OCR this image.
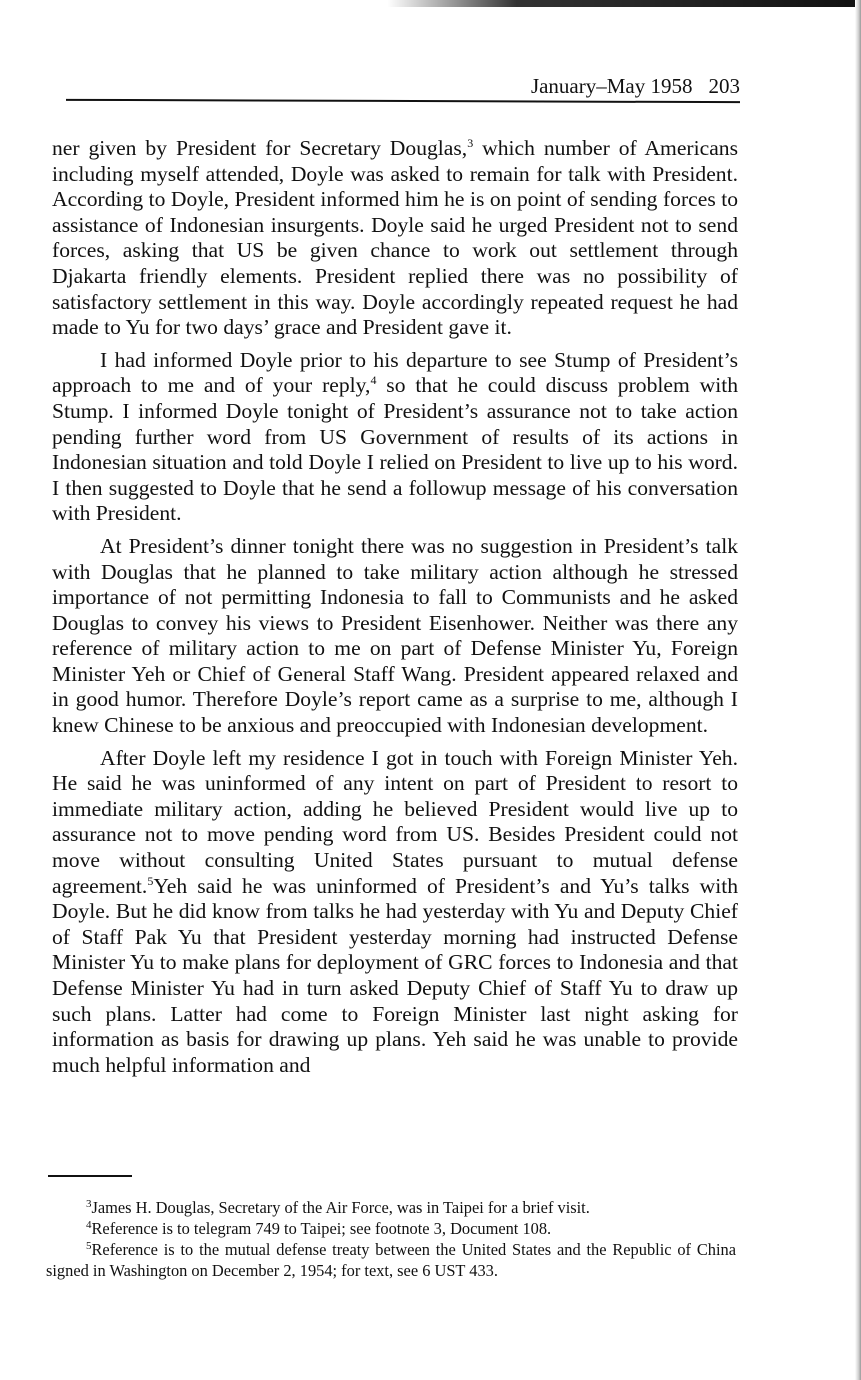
January–May 1958 203

ner given by President for Secretary Douglas,$^3$ which number of Americans including myself attended, Doyle was asked to remain for talk with President. According to Doyle, President informed him he is on point of sending forces to assistance of Indonesian insurgents. Doyle said he urged President not to send forces, asking that US be given chance to work out settlement through Djakarta friendly elements. President replied there was no possibility of satisfactory settlement in this way. Doyle accordingly repeated request he had made to Yu for two days’ grace and President gave it.

I had informed Doyle prior to his departure to see Stump of President’s approach to me and of your reply,$^4$ so that he could discuss problem with Stump. I informed Doyle tonight of President’s assurance not to take action pending further word from US Government of results of its actions in Indonesian situation and told Doyle I relied on President to live up to his word. I then suggested to Doyle that he send a followup message of his conversation with President.

At President’s dinner tonight there was no suggestion in President’s talk with Douglas that he planned to take military action although he stressed importance of not permitting Indonesia to fall to Communists and he asked Douglas to convey his views to President Eisenhower. Neither was there any reference of military action to me on part of Defense Minister Yu, Foreign Minister Yeh or Chief of General Staff Wang. President appeared relaxed and in good humor. Therefore Doyle’s report came as a surprise to me, although I knew Chinese to be anxious and preoccupied with Indonesian development.

After Doyle left my residence I got in touch with Foreign Minister Yeh. He said he was uninformed of any intent on part of President to resort to immediate military action, adding he believed President would live up to assurance not to move pending word from US. Besides President could not move without consulting United States pursuant to mutual defense agreement.$^5$Yeh said he was uninformed of President’s and Yu’s talks with Doyle. But he did know from talks he had yesterday with Yu and Deputy Chief of Staff Pak Yu that President yesterday morning had instructed Defense Minister Yu to make plans for deployment of GRC forces to Indonesia and that Defense Minister Yu had in turn asked Deputy Chief of Staff Yu to draw up such plans. Latter had come to Foreign Minister last night asking for information as basis for drawing up plans. Yeh said he was unable to provide much helpful information and

$^3$James H. Douglas, Secretary of the Air Force, was in Taipei for a brief visit.

$^4$Reference is to telegram 749 to Taipei; see footnote 3, Document 108.

$^5$Reference is to the mutual defense treaty between the United States and the Republic of China signed in Washington on December 2, 1954; for text, see 6 UST 433.
